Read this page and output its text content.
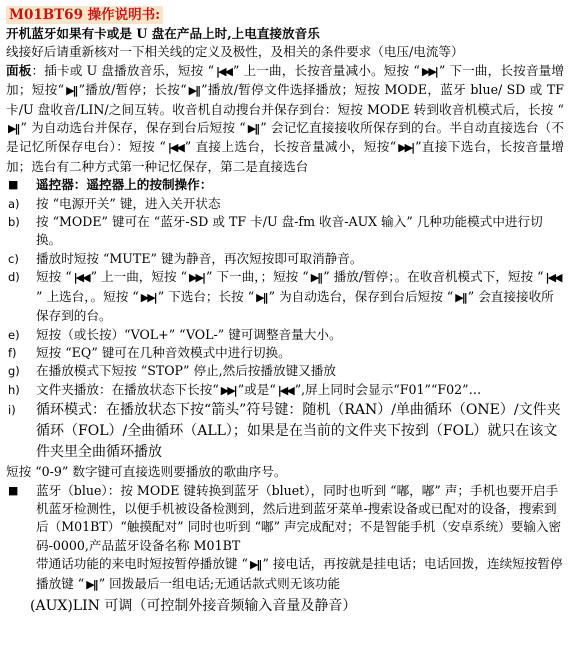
M01BT69 操作说明书:

开机蓝牙如果有卡或是 U 盘在产品上时,上电直接放音乐

线接好后请重新核对一下相关线的定义及极性，及相关的条件要求（电压/电流等）

面板：插卡或 U 盘播放音乐，短按 “ |◀◀ ” 上一曲，长按音量减小。短按 “ ▶▶| ” 下一曲，长按音量增加；短按“ ▶|| ”播放/暂停；长按“ ▶|| ”播放/暂停文件选择播放；短按 MODE，蓝牙 blue/ SD 或 TF 卡/U 盘收音/LIN/之间互转。收音机自动搜台并保存到台：短按 MODE 转到收音机模式后，长按 “▶|| ” 为自动选台并保存，保存到台后短按 “ ▶|| ” 会记忆直接接收所保存到的台。半自动直接选台（不是记忆所保存电台）：短按 “ |◀◀ ” 直接上选台，长按音量减小，短按“ ▶▶| ”直接下选台，长按音量增加；选台有二种方式第一种记忆保存，第二是直接选台

■	遥控器：遥控器上的按制操作：
a)	按 “电源开关” 键，进入关开状态
b)	按 “MODE” 键可在 “蓝牙-SD 或 TF 卡/U 盘-fm 收音-AUX 输入” 几种功能模式中进行切换。
c)	播放时短按 “MUTE” 键为静音，再次短按即可取消静音。
d)	短按 “ |◀◀ ” 上一曲，短按 “ ▶▶| ” 下一曲，；短按 “ ▶|| ” 播放/暂停；。在收音机模式下，短按 “ |◀◀” 上选台，。短按 “ ▶▶| ” 下选台；长按 “ ▶|| ” 为自动选台，保存到台后短按 “ ▶|| ” 会直接接收所保存到的台。
e)	短按（或长按）“VOL+” “VOL-” 键可调整音量大小。
f)	短按 “EQ” 键可在几种音效模式中进行切换。
g)	在播放模式下短按 “STOP” 停止,然后按播放键又播放
h)	文件夹播放：在播放状态下长按“ ▶▶| ”或是“ |◀◀ ”,屏上同时会显示“F01”“F02”…
i)	循环模式：在播放状态下按“箭头”符号键：随机（RAN）/单曲循环（ONE）/文件夹循环（FOL）/全曲循环（ALL）；如果是在当前的文件夹下按到（FOL）就只在该文件夹里全曲循环播放

短按 “0-9” 数字键可直接选则要播放的歌曲序号。

■	蓝牙（blue）：按 MODE 键转换到蓝牙（bluet），同时也听到 “嘟，嘟” 声；手机也要开启手机蓝牙检测性，以便手机被设备检测到，然后进到蓝牙菜单-搜索设备或已配对的设备，搜索到后（M01BT）“触摸配对” 同时也听到 “嘟” 声完成配对；不是智能手机（安卓系统）要输入密码-0000,产品蓝牙设备名称 M01BT
带通话功能的来电时短按暂停播放键 “ ▶|| ” 接电话，再按就是挂电话；电话回拨，连续短按暂停播放键 “ ▶|| ” 回拨最后一组电话;无通话款式则无该功能

(AUX)LIN 可调（可控制外接音频输入音量及静音）
